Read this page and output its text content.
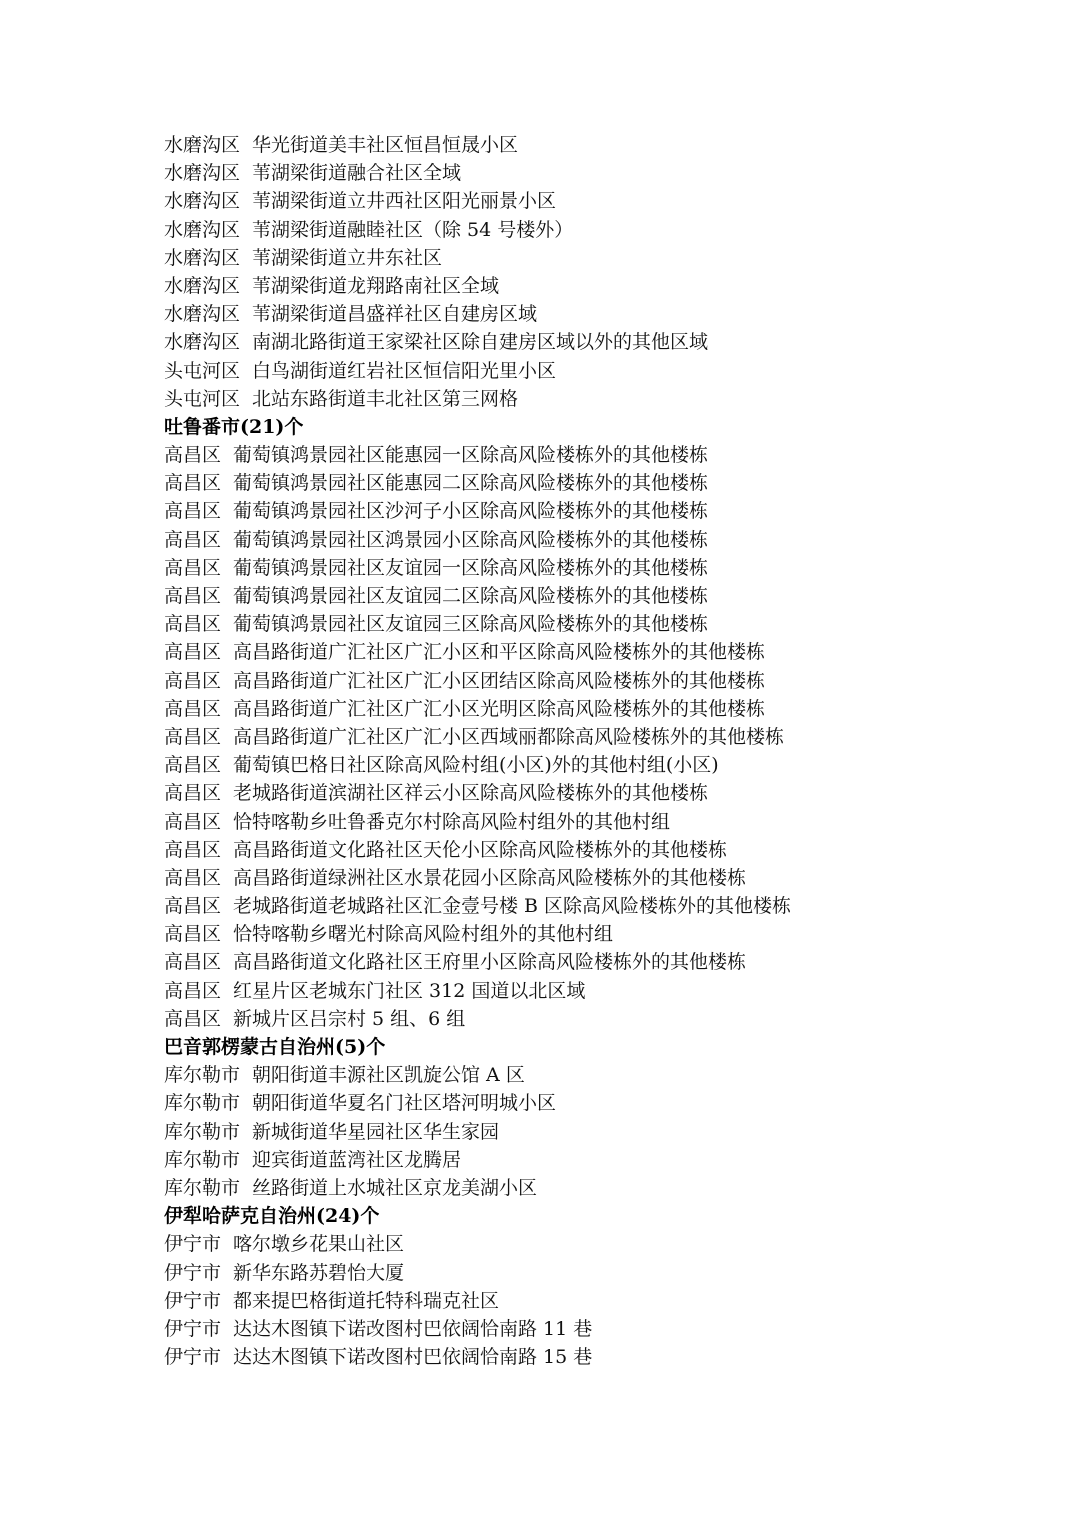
水磨沟区 华光街道美丰社区恒昌恒晟小区
水磨沟区 苇湖梁街道融合社区全域
水磨沟区 苇湖梁街道立井西社区阳光丽景小区
水磨沟区 苇湖梁街道融睦社区（除 54 号楼外）
水磨沟区 苇湖梁街道立井东社区
水磨沟区 苇湖梁街道龙翔路南社区全域
水磨沟区 苇湖梁街道昌盛祥社区自建房区域
水磨沟区 南湖北路街道王家梁社区除自建房区域以外的其他区域
头屯河区 白鸟湖街道红岩社区恒信阳光里小区
头屯河区 北站东路街道丰北社区第三网格
吐鲁番市(21)个
高昌区 葡萄镇鸿景园社区能惠园一区除高风险楼栋外的其他楼栋
高昌区 葡萄镇鸿景园社区能惠园二区除高风险楼栋外的其他楼栋
高昌区 葡萄镇鸿景园社区沙河子小区除高风险楼栋外的其他楼栋
高昌区 葡萄镇鸿景园社区鸿景园小区除高风险楼栋外的其他楼栋
高昌区 葡萄镇鸿景园社区友谊园一区除高风险楼栋外的其他楼栋
高昌区 葡萄镇鸿景园社区友谊园二区除高风险楼栋外的其他楼栋
高昌区 葡萄镇鸿景园社区友谊园三区除高风险楼栋外的其他楼栋
高昌区 高昌路街道广汇社区广汇小区和平区除高风险楼栋外的其他楼栋
高昌区 高昌路街道广汇社区广汇小区团结区除高风险楼栋外的其他楼栋
高昌区 高昌路街道广汇社区广汇小区光明区除高风险楼栋外的其他楼栋
高昌区 高昌路街道广汇社区广汇小区西域丽都除高风险楼栋外的其他楼栋
高昌区 葡萄镇巴格日社区除高风险村组(小区)外的其他村组(小区)
高昌区 老城路街道滨湖社区祥云小区除高风险楼栋外的其他楼栋
高昌区 恰特喀勒乡吐鲁番克尔村除高风险村组外的其他村组
高昌区 高昌路街道文化路社区天伦小区除高风险楼栋外的其他楼栋
高昌区 高昌路街道绿洲社区水景花园小区除高风险楼栋外的其他楼栋
高昌区 老城路街道老城路社区汇金壹号楼 B 区除高风险楼栋外的其他楼栋
高昌区 恰特喀勒乡曙光村除高风险村组外的其他村组
高昌区 高昌路街道文化路社区王府里小区除高风险楼栋外的其他楼栋
高昌区 红星片区老城东门社区 312 国道以北区域
高昌区 新城片区吕宗村 5 组、6 组
巴音郭楞蒙古自治州(5)个
库尔勒市 朝阳街道丰源社区凯旋公馆 A 区
库尔勒市 朝阳街道华夏名门社区塔河明城小区
库尔勒市 新城街道华星园社区华生家园
库尔勒市 迎宾街道蓝湾社区龙腾居
库尔勒市 丝路街道上水城社区京龙美湖小区
伊犁哈萨克自治州(24)个
伊宁市 喀尔墩乡花果山社区
伊宁市 新华东路苏碧怡大厦
伊宁市 都来提巴格街道托特科瑞克社区
伊宁市 达达木图镇下诺改图村巴依阔恰南路 11 巷
伊宁市 达达木图镇下诺改图村巴依阔恰南路 15 巷
